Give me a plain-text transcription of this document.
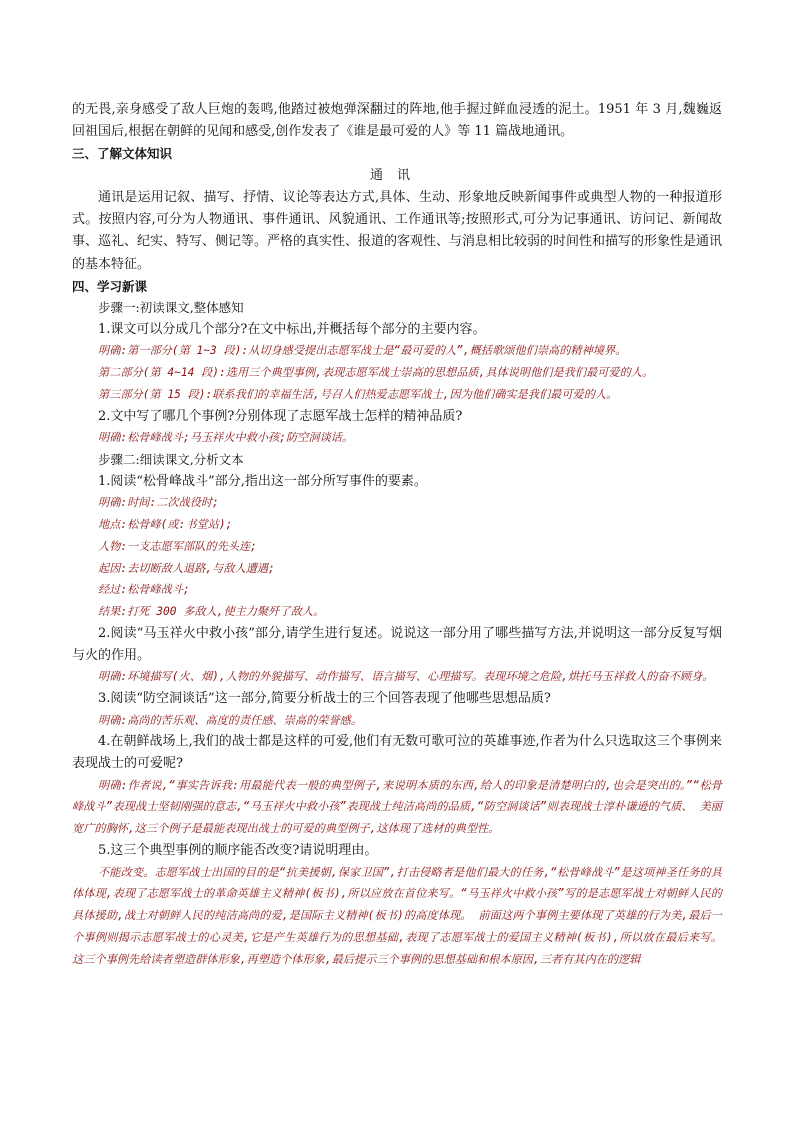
的无畏,亲身感受了敌人巨炮的轰鸣,他踏过被炮弹深翻过的阵地,他手握过鲜血浸透的泥土。1951 年 3 月,魏巍返回祖国后,根据在朝鲜的见闻和感受,创作发表了《谁是最可爱的人》等 11 篇战地通讯。

三、了解文体知识

通讯

通讯是运用记叙、描写、抒情、议论等表达方式,具体、生动、形象地反映新闻事件或典型人物的一种报道形式。按照内容,可分为人物通讯、事件通讯、风貌通讯、工作通讯等;按照形式,可分为记事通讯、访问记、新闻故事、巡礼、纪实、特写、侧记等。严格的真实性、报道的客观性、与消息相比较弱的时间性和描写的形象性是通讯的基本特征。

四、学习新课

步骤一:初读课文,整体感知

1.课文可以分成几个部分?在文中标出,并概括每个部分的主要内容。

明确:第一部分(第 1~3 段):从切身感受提出志愿军战士是“最可爱的人”,概括歌颂他们崇高的精神境界。

第二部分(第 4~14 段):选用三个典型事例,表现志愿军战士崇高的思想品质,具体说明他们是我们最可爱的人。

第三部分(第 15 段):联系我们的幸福生活,号召人们热爱志愿军战士,因为他们确实是我们最可爱的人。

2.文中写了哪几个事例?分别体现了志愿军战士怎样的精神品质?

明确:松骨峰战斗;马玉祥火中救小孩;防空洞谈话。

步骤二:细读课文,分析文本

1.阅读“松骨峰战斗”部分,指出这一部分所写事件的要素。

明确:时间:二次战役时;

地点:松骨峰(或:书堂站);

人物:一支志愿军部队的先头连;

起因:去切断敌人退路,与敌人遭遇;

经过:松骨峰战斗;

结果:打死 300 多敌人,使主力聚歼了敌人。

2.阅读“马玉祥火中救小孩”部分,请学生进行复述。说说这一部分用了哪些描写方法,并说明这一部分反复写烟与火的作用。

明确:环境描写(火、烟),人物的外貌描写、动作描写、语言描写、心理描写。表现环境之危险,烘托马玉祥救人的奋不顾身。

3.阅读“防空洞谈话”这一部分,简要分析战士的三个回答表现了他哪些思想品质?

明确:高尚的苦乐观、高度的责任感、崇高的荣誉感。

4.在朝鲜战场上,我们的战士都是这样的可爱,他们有无数可歌可泣的英雄事迹,作者为什么只选取这三个事例来表现战士的可爱呢?

明确:作者说,“事实告诉我:用最能代表一般的典型例子,来说明本质的东西,给人的印象是清楚明白的,也会是突出的。”“松骨峰战斗”表现战士坚韧刚强的意志,“马玉祥火中救小孩”表现战士纯洁高尚的品质,“防空洞谈话”则表现战士淳朴谦逊的气质、 美丽宽广的胸怀,这三个例子是最能表现出战士的可爱的典型例子,这体现了选材的典型性。

5.这三个典型事例的顺序能否改变?请说明理由。

不能改变。志愿军战士出国的目的是“抗美援朝,保家卫国”,打击侵略者是他们最大的任务,“松骨峰战斗”是这项神圣任务的具体体现,表现了志愿军战士的革命英雄主义精神(板书),所以应放在首位来写。“马玉祥火中救小孩”写的是志愿军战士对朝鲜人民的具体援助,战士对朝鲜人民的纯洁高尚的爱,是国际主义精神(板书)的高度体现。 前面这两个事例主要体现了英雄的行为美,最后一个事例则揭示志愿军战士的心灵美,它是产生英雄行为的思想基础,表现了志愿军战士的爱国主义精神(板书),所以放在最后来写。 这三个事例先给读者塑造群体形象,再塑造个体形象,最后提示三个事例的思想基础和根本原因,三者有其内在的逻辑
